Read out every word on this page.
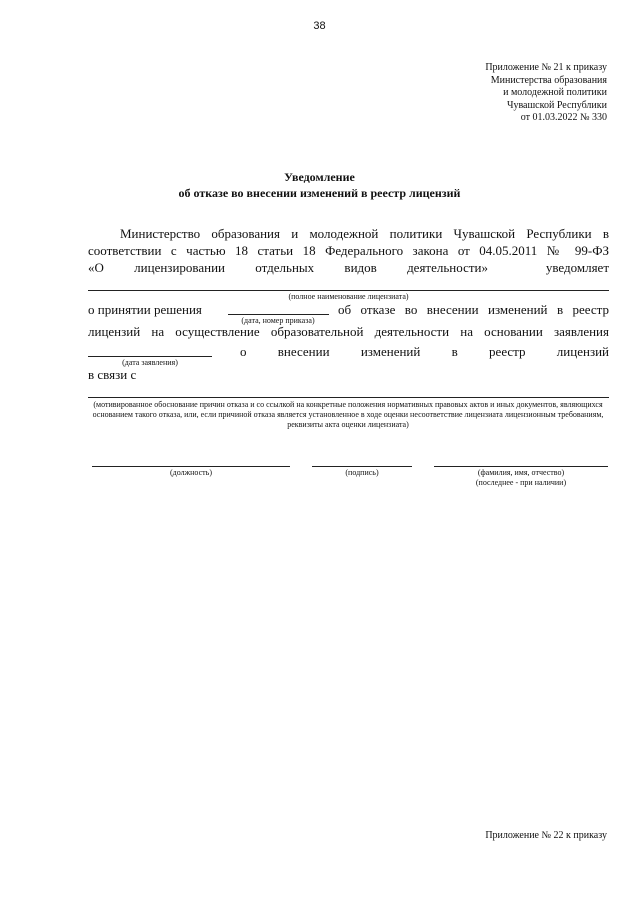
38
Приложение № 21 к приказу
Министерства образования
и молодежной политики
Чувашской Республики
от 01.03.2022 № 330
Уведомление
об отказе во внесении изменений в реестр лицензий
Министерство образования и молодежной политики Чувашской Республики в
соответствии с частью 18 статьи 18 Федерального закона от 04.05.2011 № 99-ФЗ
«О лицензировании отдельных видов деятельности»	уведомляет
(полное наименование лицензиата)
о принятии решения
(дата, номер приказа)
об отказе во внесении изменений в реестр
лицензий на осуществление образовательной деятельности на основании заявления
(дата заявления)
о внесении изменений в реестр лицензий
в связи с
(мотивированное обоснование причин отказа и со ссылкой на конкретные положения нормативных правовых актов и иных документов, являющихся основанием такого отказа, или, если причиной отказа является установленное в ходе оценки несоответствие лицензиата лицензионным требованиям, реквизиты акта оценки лицензиата)
(должность)	(подпись)	(фамилия, имя, отчество)
(последнее - при наличии)
Приложение № 22 к приказу
